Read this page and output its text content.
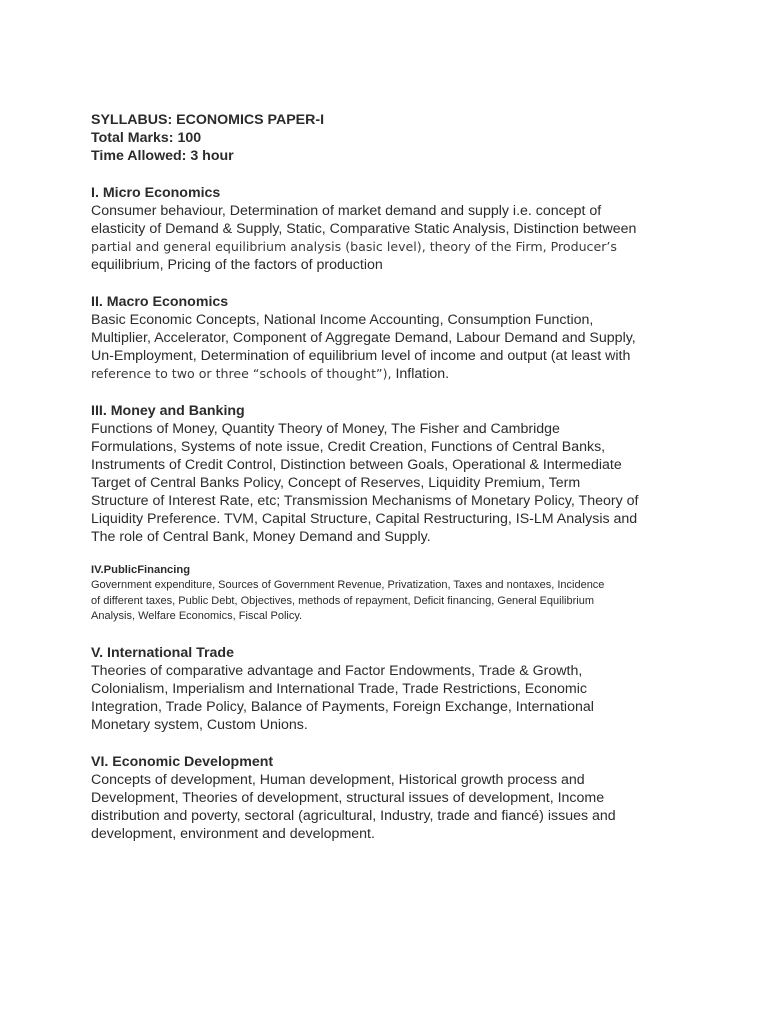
SYLLABUS: ECONOMICS PAPER-I

Total Marks: 100

Time Allowed: 3 hour

I. Micro Economics

Consumer behaviour, Determination of market demand and supply i.e. concept of
elasticity of Demand & Supply, Static, Comparative Static Analysis, Distinction between
partial and general equilibrium analysis (basic level), theory of the Firm, Producer’s
equilibrium, Pricing of the factors of production

II. Macro Economics

Basic Economic Concepts, National Income Accounting, Consumption Function,
Multiplier, Accelerator, Component of Aggregate Demand, Labour Demand and Supply,
Un-Employment, Determination of equilibrium level of income and output (at least with
reference to two or three “schools of thought”), Inflation.

III. Money and Banking

Functions of Money, Quantity Theory of Money, The Fisher and Cambridge
Formulations, Systems of note issue, Credit Creation, Functions of Central Banks,
Instruments of Credit Control, Distinction between Goals, Operational & Intermediate
Target of Central Banks Policy, Concept of Reserves, Liquidity Premium, Term
Structure of Interest Rate, etc; Transmission Mechanisms of Monetary Policy, Theory of
Liquidity Preference. TVM, Capital Structure, Capital Restructuring, IS-LM Analysis and
The role of Central Bank, Money Demand and Supply.

IV.PublicFinancing

Government expenditure, Sources of Government Revenue, Privatization, Taxes and nontaxes, Incidence
of different taxes, Public Debt, Objectives, methods of repayment, Deficit financing, General Equilibrium
Analysis, Welfare Economics, Fiscal Policy.

V. International Trade

Theories of comparative advantage and Factor Endowments, Trade & Growth,
Colonialism, Imperialism and International Trade, Trade Restrictions, Economic
Integration, Trade Policy, Balance of Payments, Foreign Exchange, International
Monetary system, Custom Unions.

VI. Economic Development

Concepts of development, Human development, Historical growth process and
Development, Theories of development, structural issues of development, Income
distribution and poverty, sectoral (agricultural, Industry, trade and fiancé) issues and
development, environment and development.
